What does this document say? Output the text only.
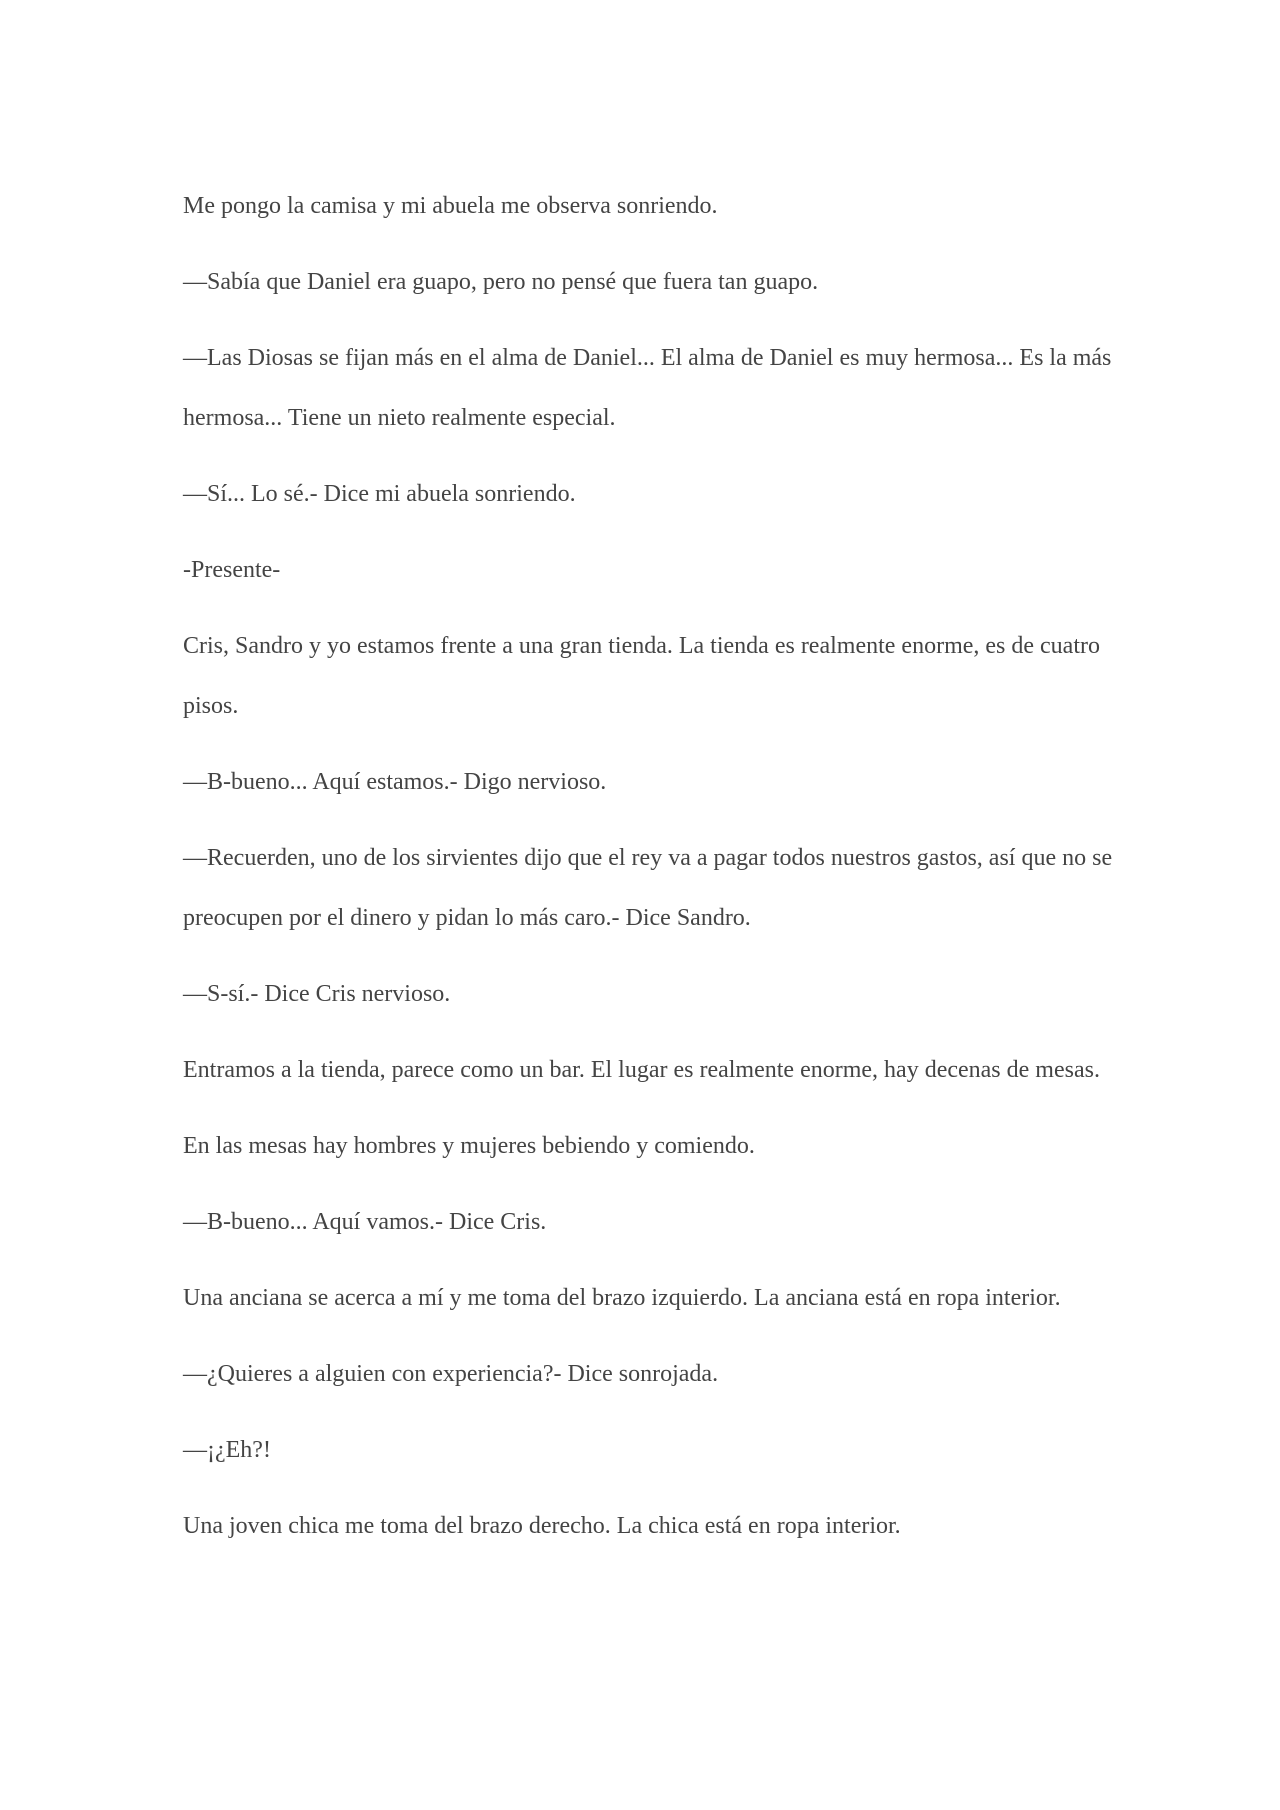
Me pongo la camisa y mi abuela me observa sonriendo.

—Sabía que Daniel era guapo, pero no pensé que fuera tan guapo.

—Las Diosas se fijan más en el alma de Daniel... El alma de Daniel es muy hermosa... Es la más hermosa... Tiene un nieto realmente especial.

—Sí... Lo sé.- Dice mi abuela sonriendo.

-Presente-

Cris, Sandro y yo estamos frente a una gran tienda. La tienda es realmente enorme, es de cuatro pisos.

—B-bueno... Aquí estamos.- Digo nervioso.

—Recuerden, uno de los sirvientes dijo que el rey va a pagar todos nuestros gastos, así que no se preocupen por el dinero y pidan lo más caro.- Dice Sandro.

—S-sí.- Dice Cris nervioso.

Entramos a la tienda, parece como un bar. El lugar es realmente enorme, hay decenas de mesas.

En las mesas hay hombres y mujeres bebiendo y comiendo.

—B-bueno... Aquí vamos.- Dice Cris.

Una anciana se acerca a mí y me toma del brazo izquierdo. La anciana está en ropa interior.

—¿Quieres a alguien con experiencia?- Dice sonrojada.

—¡¿Eh?!

Una joven chica me toma del brazo derecho. La chica está en ropa interior.
